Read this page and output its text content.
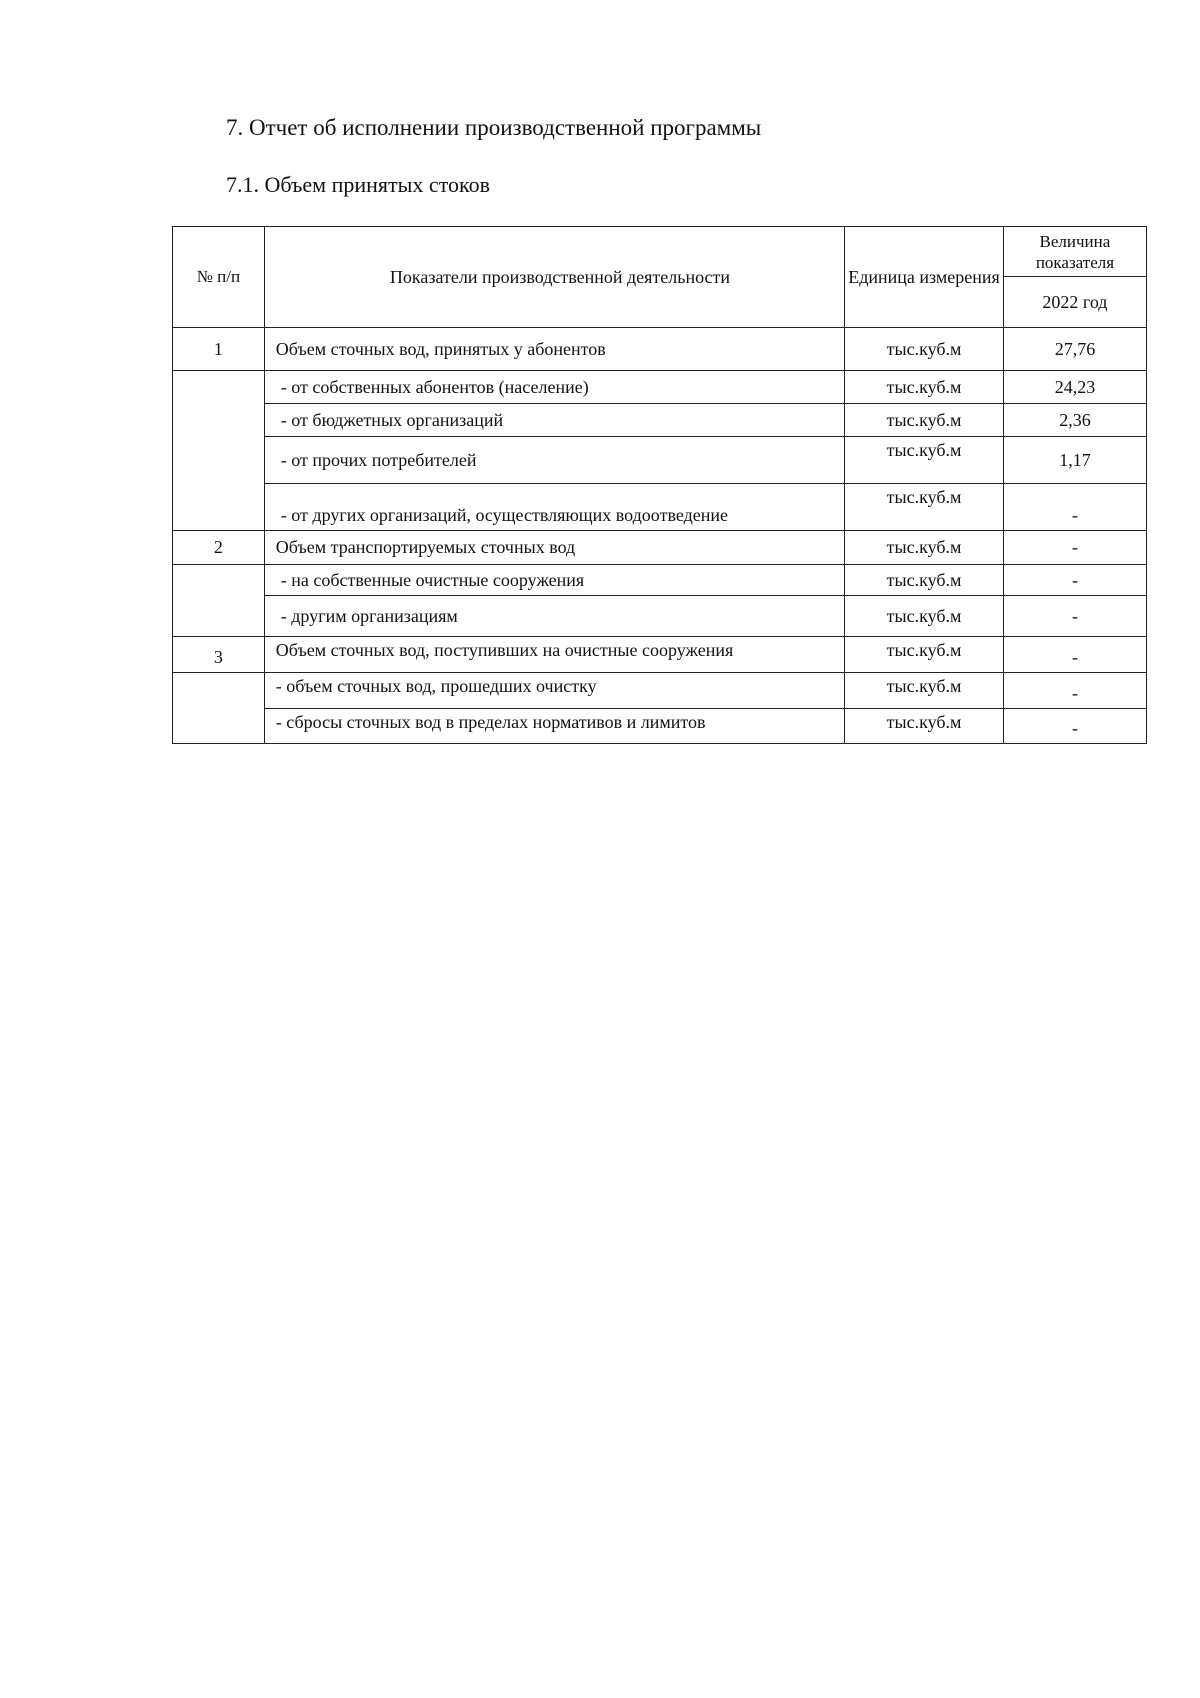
7. Отчет об исполнении производственной программы
7.1. Объем принятых стоков
№ п/п	Показатели производственной деятельности	Единица измерения	Величина показателя
			2022 год
1	Объем сточных вод, принятых у абонентов	тыс.куб.м	27,76
	- от собственных абонентов (население)	тыс.куб.м	24,23
	- от бюджетных организаций	тыс.куб.м	2,36
	- от прочих потребителей	тыс.куб.м	1,17
	- от других организаций, осуществляющих водоотведение	тыс.куб.м	-
2	Объем транспортируемых сточных вод	тыс.куб.м	-
	- на собственные очистные сооружения	тыс.куб.м	-
	- другим организациям	тыс.куб.м	-
3	Объем сточных вод, поступивших на очистные сооружения	тыс.куб.м	-
	- объем сточных вод, прошедших очистку	тыс.куб.м	-
	- сбросы сточных вод в пределах нормативов и лимитов	тыс.куб.м	-
